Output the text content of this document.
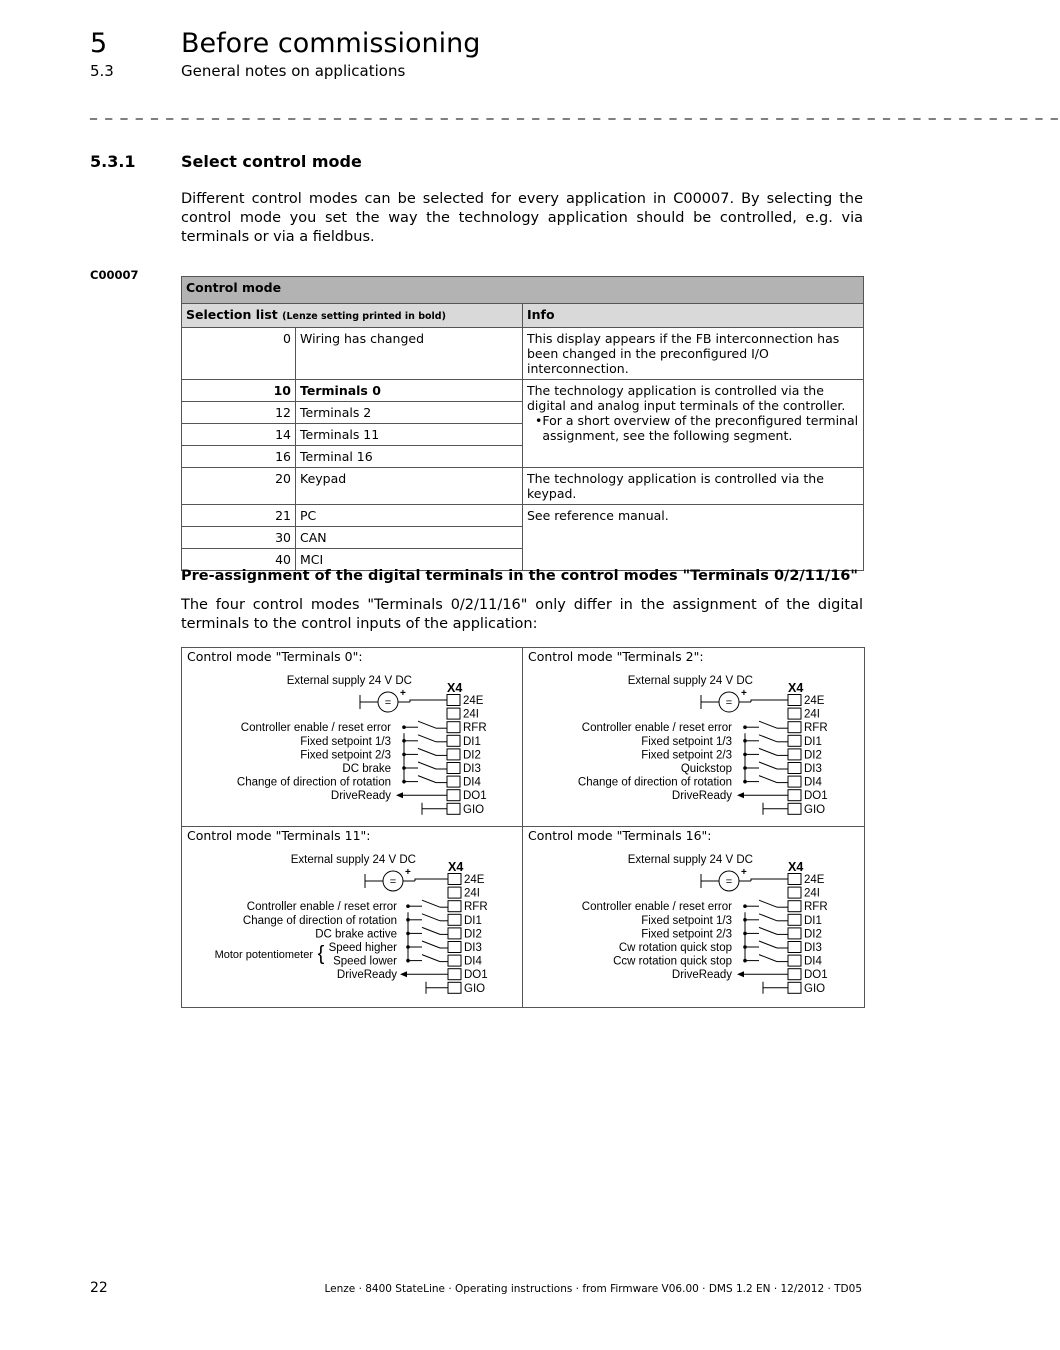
5	Before commissioning
5.3	General notes on applications
_ _ _ _ _ _ _ _ _ _ _ _ _ _ _ _ _ _ _ _ _ _ _ _ _ _ _ _ _ _ _ _ _ _ _ _ _ _ _ _ _ _ _ _ _ _ _ _ _ _ _ _ _ _ _ _ _ _ _ _ _ _ _ _
5.3.1	Select control mode
Different control modes can be selected for every application in C00007. By selecting the control mode you set the way the technology application should be controlled, e.g. via terminals or via a fieldbus.
C00007
Control mode		
Selection list (Lenze setting printed in bold)		Info
0	Wiring has changed	This display appears if the FB interconnection has been changed in the preconfigured I/O interconnection.
10	Terminals 0	The technology application is controlled via the digital and analog input terminals of the controller.
• For a short overview of the preconfigured terminal assignment, see the following segment.

12	Terminals 2	
14	Terminals 11	
16	Terminal 16	
20	Keypad	The technology application is controlled via the keypad.
21	PC	See reference manual.
30	CAN	
40	MCI	
Pre-assignment of the digital terminals in the control modes "Terminals 0/2/11/16"
The four control modes "Terminals 0/2/11/16" only differ in the assignment of the digital terminals to the control inputs of the application:
Control mode "Terminals 0":
X4
24E
24I
RFR
DI1
DI2
DI3
DI4
DO1
GIO
External supply 24 V DC
=
+
Controller enable / reset error
Fixed setpoint 1/3
Fixed setpoint 2/3
DC brake
Change of direction of rotation
DriveReady
Control mode "Terminals 2":
X4
24E
24I
RFR
DI1
DI2
DI3
DI4
DO1
GIO
External supply 24 V DC
=
+
Controller enable / reset error
Fixed setpoint 1/3
Fixed setpoint 2/3
Quickstop
Change of direction of rotation
DriveReady
Control mode "Terminals 11":
X4
24E
24I
RFR
DI1
DI2
DI3
DI4
DO1
GIO
External supply 24 V DC
=
+
Controller enable / reset error
Change of direction of rotation
DC brake active
Speed higher
Speed lower
DriveReady
Motor potentiometer {
Control mode "Terminals 16":
X4
24E
24I
RFR
DI1
DI2
DI3
DI4
DO1
GIO
External supply 24 V DC
=
+
Controller enable / reset error
Fixed setpoint 1/3
Fixed setpoint 2/3
Cw rotation quick stop
Ccw rotation quick stop
DriveReady
22	Lenze · 8400 StateLine · Operating instructions · from Firmware V06.00 · DMS 1.2 EN · 12/2012 · TD05
